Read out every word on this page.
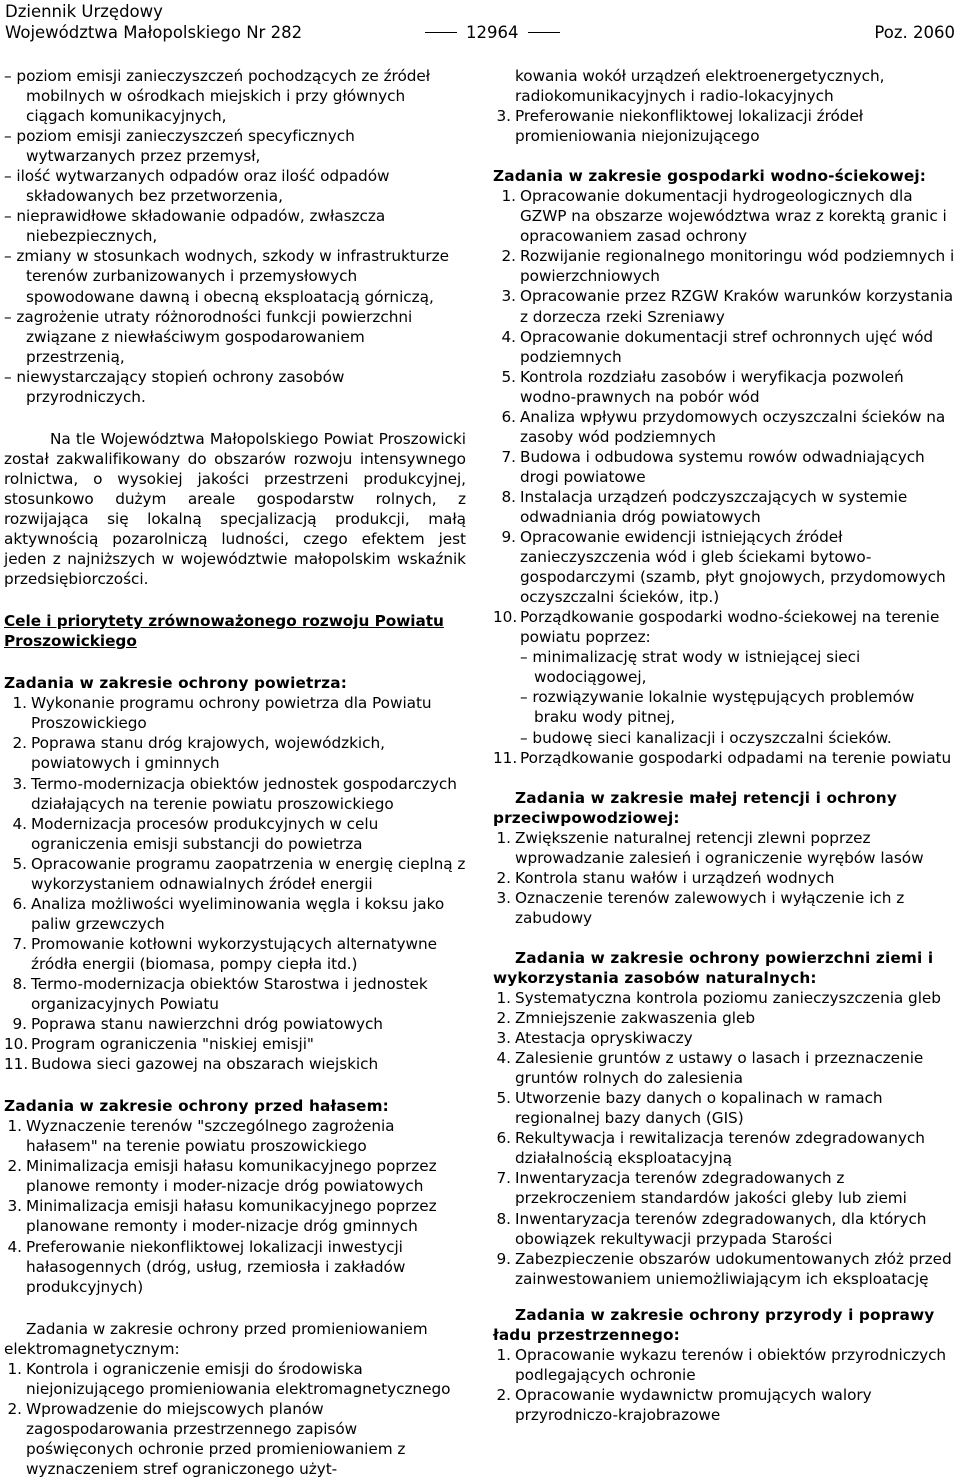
Dziennik Urzędowy
Województwa Małopolskiego Nr 282	12964	Poz. 2060

– poziom emisji zanieczyszczeń pochodzących ze źródeł mobilnych w ośrodkach miejskich i przy głównych ciągach komunikacyjnych,

– poziom emisji zanieczyszczeń specyficznych wytwarzanych przez przemysł,

– ilość wytwarzanych odpadów oraz ilość odpadów składowanych bez przetworzenia,

– nieprawidłowe składowanie odpadów, zwłaszcza niebezpiecznych,

– zmiany w stosunkach wodnych, szkody w infrastrukturze terenów zurbanizowanych i przemysłowych spowodowane dawną i obecną eksploatacją górniczą,

– zagrożenie utraty różnorodności funkcji powierzchni związane z niewłaściwym gospodarowaniem przestrzenią,

– niewystarczający stopień ochrony zasobów przyrodniczych.

Na tle Województwa Małopolskiego Powiat Proszowicki został zakwalifikowany do obszarów rozwoju intensywnego rolnictwa, o wysokiej jakości przestrzeni produkcyjnej, stosunkowo dużym areale gospodarstw rolnych, z rozwijająca się lokalną specjalizacją produkcji, małą aktywnością pozarolniczą ludności, czego efektem jest jeden z najniższych w województwie małopolskim wskaźnik przedsiębiorczości.

Cele i priorytety zrównoważonego rozwoju Powiatu Proszowickiego

Zadania w zakresie ochrony powietrza:

1. Wykonanie programu ochrony powietrza dla Powiatu Proszowickiego
2. Poprawa stanu dróg krajowych, wojewódzkich, powiatowych i gminnych
3. Termo-modernizacja obiektów jednostek gospodarczych działających na terenie powiatu proszowickiego
4. Modernizacja procesów produkcyjnych w celu ograniczenia emisji substancji do powietrza
5. Opracowanie programu zaopatrzenia w energię cieplną z wykorzystaniem odnawialnych źródeł energii
6. Analiza możliwości wyeliminowania węgla i koksu jako paliw grzewczych
7. Promowanie kotłowni wykorzystujących alternatywne źródła energii (biomasa, pompy ciepła itd.)
8. Termo-modernizacja obiektów Starostwa i jednostek organizacyjnych Powiatu
9. Poprawa stanu nawierzchni dróg powiatowych
10. Program ograniczenia "niskiej emisji"
11. Budowa sieci gazowej na obszarach wiejskich

Zadania w zakresie ochrony przed hałasem:

1. Wyznaczenie terenów "szczególnego zagrożenia hałasem" na terenie powiatu proszowickiego
2. Minimalizacja emisji hałasu komunikacyjnego poprzez planowe remonty i moder-nizacje dróg powiatowych
3. Minimalizacja emisji hałasu komunikacyjnego poprzez planowane remonty i moder-nizacje dróg gminnych
4. Preferowanie niekonfliktowej lokalizacji inwestycji hałasogennych (dróg, usług, rzemiosła i zakładów produkcyjnych)

Zadania w zakresie ochrony przed promieniowaniem elektromagnetycznym:

1. Kontrola i ograniczenie emisji do środowiska niejonizującego promieniowania elektromagnetycznego
2. Wprowadzenie do miejscowych planów zagospodarowania przestrzennego zapisów poświęconych ochronie przed promieniowaniem z wyznaczeniem stref ograniczonego użyt-

kowania wokół urządzeń elektroenergetycznych, radiokomunikacyjnych i radio-lokacyjnych

3. Preferowanie niekonfliktowej lokalizacji źródeł promieniowania niejonizującego

Zadania w zakresie gospodarki wodno-ściekowej:

1. Opracowanie dokumentacji hydrogeologicznych dla GZWP na obszarze województwa wraz z korektą granic i opracowaniem zasad ochrony
2. Rozwijanie regionalnego monitoringu wód podziemnych i powierzchniowych
3. Opracowanie przez RZGW Kraków warunków korzystania z dorzecza rzeki Szreniawy
4. Opracowanie dokumentacji stref ochronnych ujęć wód podziemnych
5. Kontrola rozdziału zasobów i weryfikacja pozwoleń wodno-prawnych na pobór wód
6. Analiza wpływu przydomowych oczyszczalni ścieków na zasoby wód podziemnych
7. Budowa i odbudowa systemu rowów odwadniających drogi powiatowe
8. Instalacja urządzeń podczyszczających w systemie odwadniania dróg powiatowych
9. Opracowanie ewidencji istniejących źródeł zanieczyszczenia wód i gleb ściekami bytowo-gospodarczymi (szamb, płyt gnojowych, przydomowych oczyszczalni ścieków, itp.)
10. Porządkowanie gospodarki wodno-ściekowej na terenie powiatu poprzez:

– minimalizację strat wody w istniejącej sieci wodociągowej,

– rozwiązywanie lokalnie występujących problemów braku wody pitnej,

– budowę sieci kanalizacji i oczyszczalni ścieków.

11. Porządkowanie gospodarki odpadami na terenie powiatu

Zadania w zakresie małej retencji i ochrony przeciwpowodziowej:

1. Zwiększenie naturalnej retencji zlewni poprzez wprowadzanie zalesień i ograniczenie wyrębów lasów
2. Kontrola stanu wałów i urządzeń wodnych
3. Oznaczenie terenów zalewowych i wyłączenie ich z zabudowy

Zadania w zakresie ochrony powierzchni ziemi i wykorzystania zasobów naturalnych:

1. Systematyczna kontrola poziomu zanieczyszczenia gleb
2. Zmniejszenie zakwaszenia gleb
3. Atestacja opryskiwaczy
4. Zalesienie gruntów z ustawy o lasach i przeznaczenie gruntów rolnych do zalesienia
5. Utworzenie bazy danych o kopalinach w ramach regionalnej bazy danych (GIS)
6. Rekultywacja i rewitalizacja terenów zdegradowanych działalnością eksploatacyjną
7. Inwentaryzacja terenów zdegradowanych z przekroczeniem standardów jakości gleby lub ziemi
8. Inwentaryzacja terenów zdegradowanych, dla których obowiązek rekultywacji przypada Starości
9. Zabezpieczenie obszarów udokumentowanych złóż przed zainwestowaniem uniemożliwiającym ich eksploatację

Zadania w zakresie ochrony przyrody i poprawy ładu przestrzennego:

1. Opracowanie wykazu terenów i obiektów przyrodniczych podlegających ochronie
2. Opracowanie wydawnictw promujących walory przyrodniczo-krajobrazowe
